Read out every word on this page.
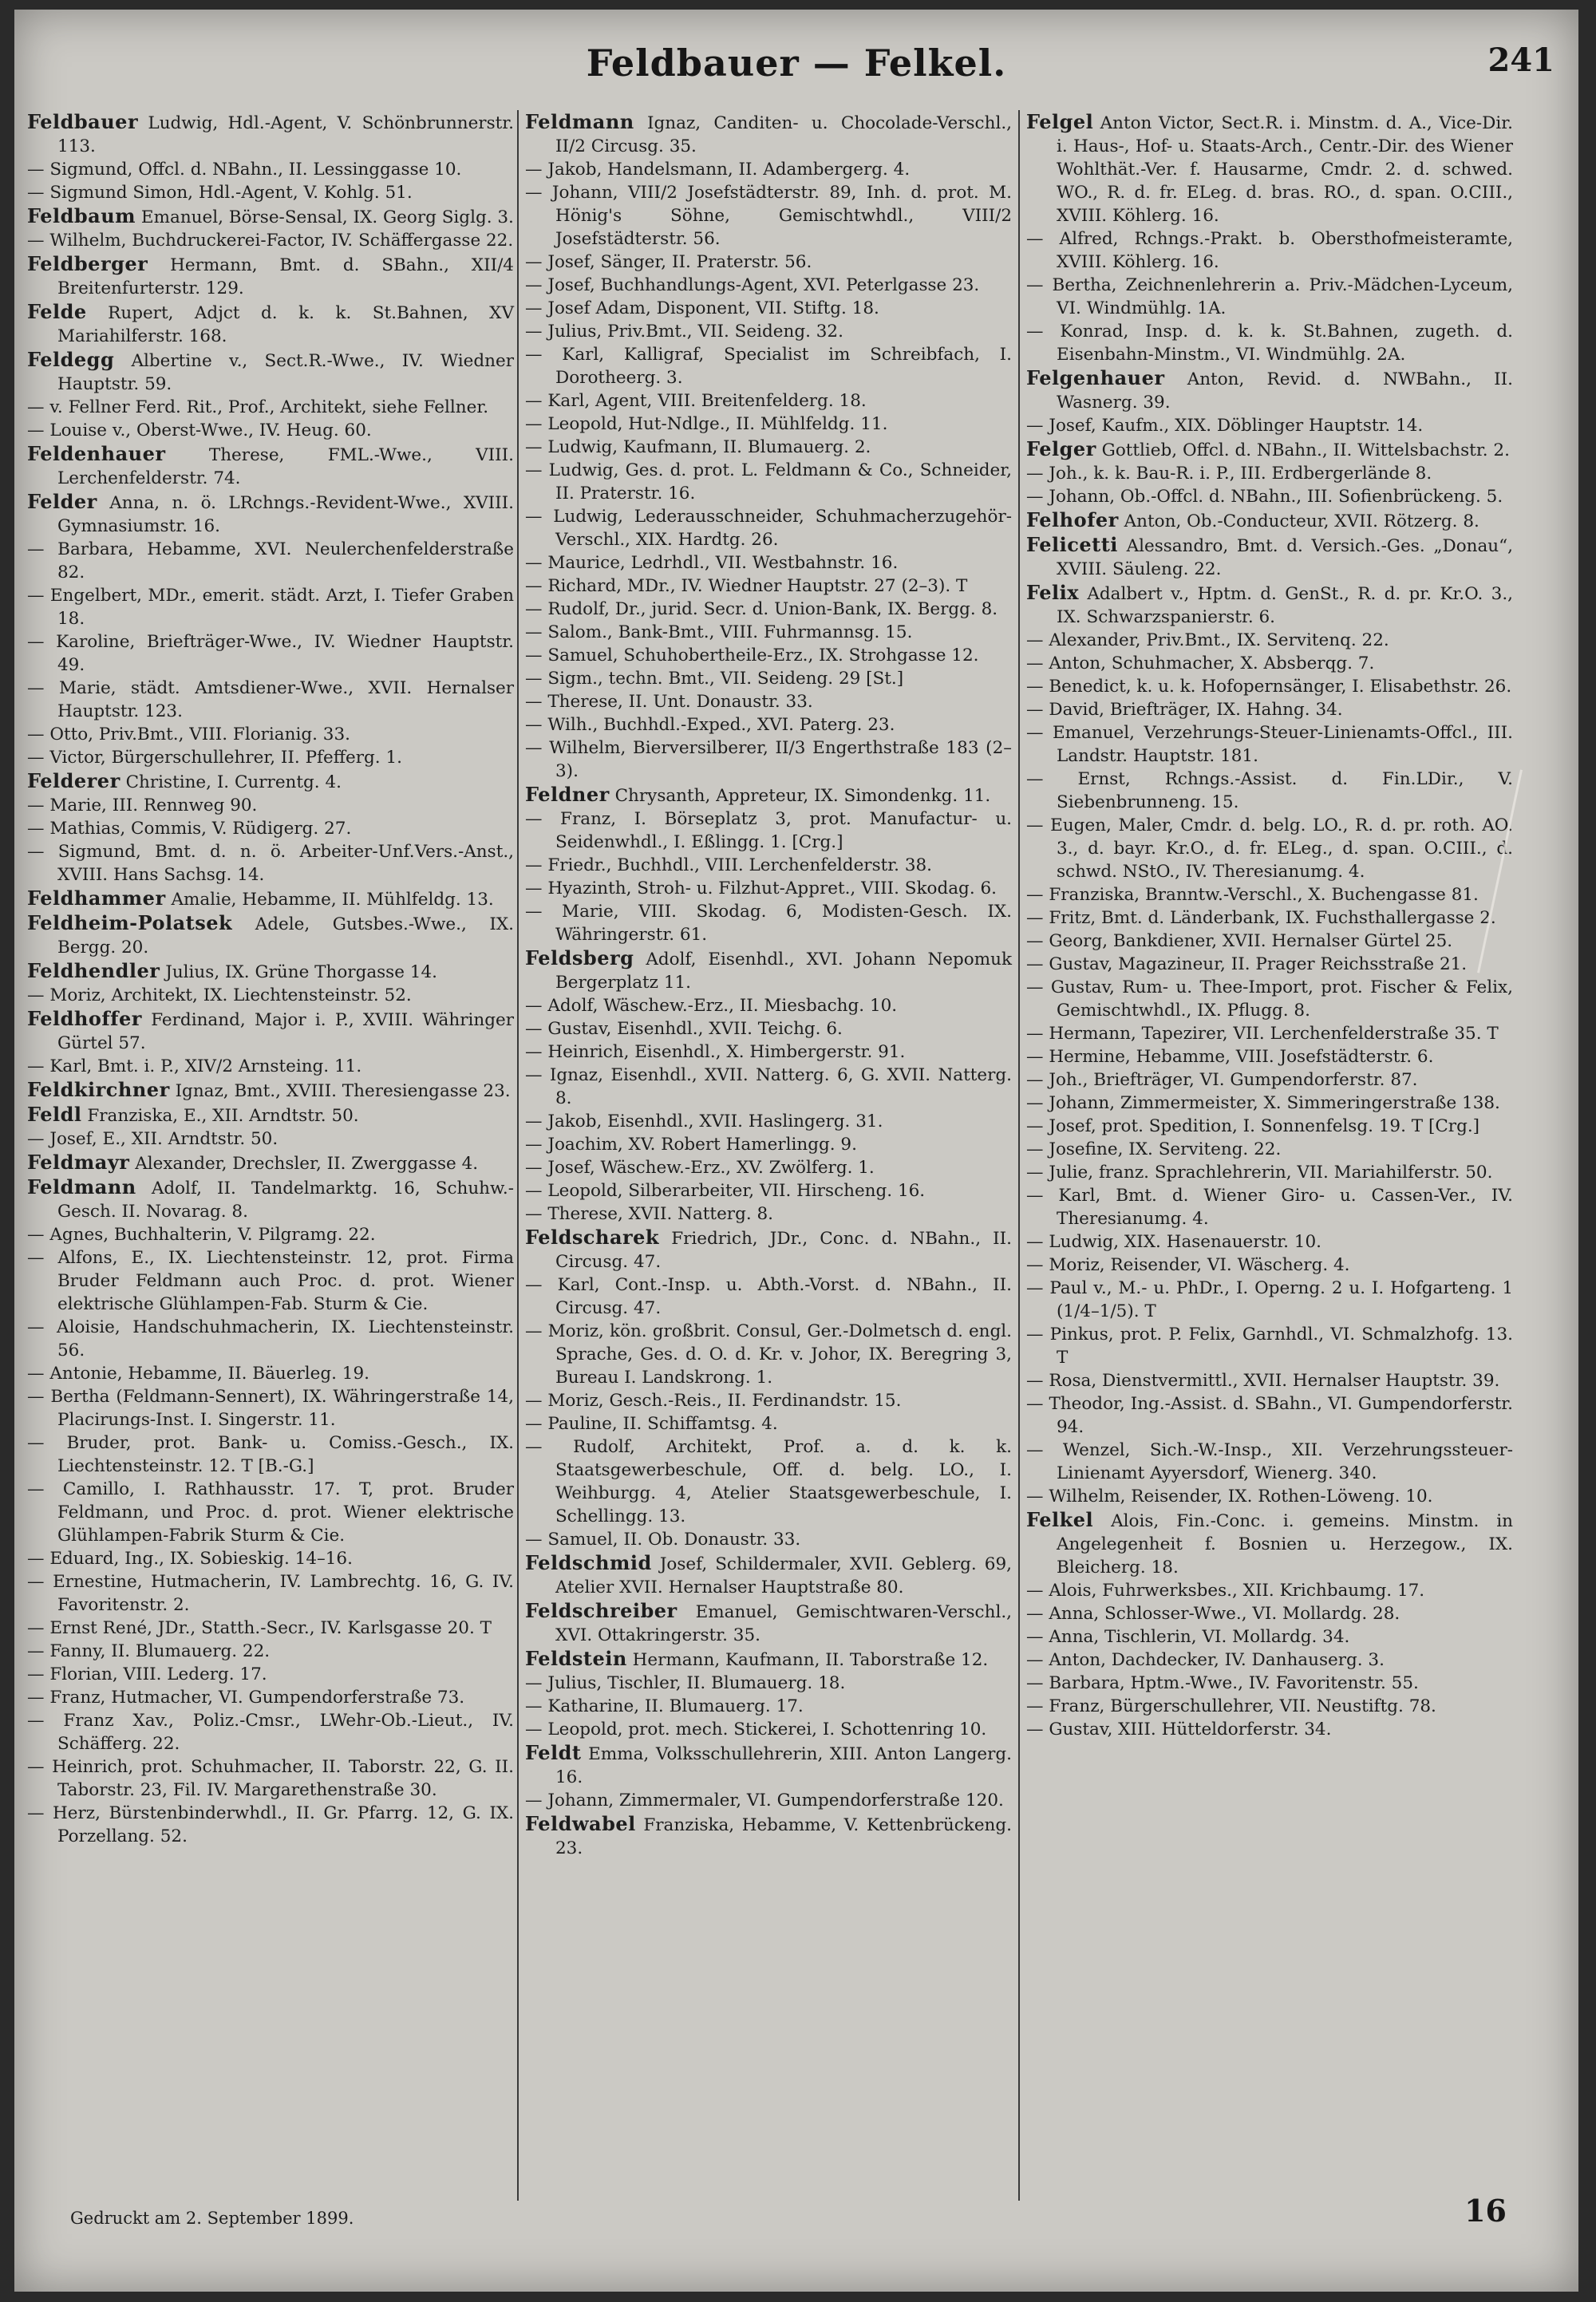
Feldbauer — Felkel.	241

Feldbauer Ludwig, Hdl.-Agent, V. Schönbrunnerstr. 113.

— Sigmund, Offcl. d. NBahn., II. Lessinggasse 10.

— Sigmund Simon, Hdl.-Agent, V. Kohlg. 51.

Feldbaum Emanuel, Börse-Sensal, IX. Georg Siglg. 3.

— Wilhelm, Buchdruckerei-Factor, IV. Schäffergasse 22.

Feldberger Hermann, Bmt. d. SBahn., XII/4 Breitenfurterstr. 129.

Felde Rupert, Adjct d. k. k. St.Bahnen, XV Mariahilferstr. 168.

Feldegg Albertine v., Sect.R.-Wwe., IV. Wiedner Hauptstr. 59.

— v. Fellner Ferd. Rit., Prof., Architekt, siehe Fellner.

— Louise v., Oberst-Wwe., IV. Heug. 60.

Feldenhauer	Therese, FML.-Wwe., VIII. Lerchenfelderstr. 74.

Felder Anna, n. ö. LRchngs.-Revident-Wwe., XVIII. Gymnasiumstr. 16.

— Barbara, Hebamme, XVI. Neulerchenfelderstraße 82.

— Engelbert, MDr., emerit. städt. Arzt, I. Tiefer Graben 18.

— Karoline, Briefträger-Wwe., IV. Wiedner Hauptstr. 49.

— Marie, städt. Amtsdiener-Wwe., XVII. Hernalser Hauptstr. 123.

— Otto, Priv.Bmt., VIII. Florianig. 33.

— Victor, Bürgerschullehrer, II. Pfefferg. 1.

Felderer Christine, I. Currentg. 4.

— Marie, III. Rennweg 90.

— Mathias, Commis, V. Rüdigerg. 27.

— Sigmund, Bmt. d. n. ö. Arbeiter-Unf.Vers.-Anst., XVIII. Hans Sachsg. 14.

Feldhammer Amalie, Hebamme, II. Mühlfeldg. 13.

Feldheim-Polatsek Adele, Gutsbes.-Wwe., IX. Bergg. 20.

Feldhendler Julius, IX. Grüne Thorgasse 14.

— Moriz, Architekt, IX. Liechtensteinstr. 52.

Feldhoffer Ferdinand, Major i. P., XVIII. Währinger Gürtel 57.

— Karl, Bmt. i. P., XIV/2 Arnsteing. 11.

Feldkirchner Ignaz, Bmt., XVIII. Theresiengasse 23.

Feldl Franziska, E., XII. Arndtstr. 50.

— Josef, E., XII. Arndtstr. 50.

Feldmayr Alexander, Drechsler, II. Zwerggasse 4.

Feldmann Adolf, II. Tandelmarktg. 16, Schuhw.-Gesch. II. Novarag. 8.

— Agnes, Buchhalterin, V. Pilgramg. 22.

— Alfons, E., IX. Liechtensteinstr. 12, prot. Firma Bruder Feldmann auch Proc. d. prot. Wiener elektrische Glühlampen-Fab. Sturm & Cie.

— Aloisie, Handschuhmacherin, IX. Liechtensteinstr. 56.

— Antonie, Hebamme, II. Bäuerleg. 19.

— Bertha (Feldmann-Sennert), IX. Währingerstraße 14, Placirungs-Inst. I. Singerstr. 11.

— Bruder, prot. Bank- u. Comiss.-Gesch., IX. Liechtensteinstr. 12. T [B.-G.]

— Camillo, I. Rathhausstr. 17. T, prot. Bruder Feldmann, und Proc. d. prot. Wiener elektrische Glühlampen-Fabrik Sturm & Cie.

— Eduard, Ing., IX. Sobieskig. 14–16.

— Ernestine, Hutmacherin, IV. Lambrechtg. 16, G. IV. Favoritenstr. 2.

— Ernst René, JDr., Statth.-Secr., IV. Karlsgasse 20. T

— Fanny, II. Blumauerg. 22.

— Florian, VIII. Lederg. 17.

— Franz, Hutmacher, VI. Gumpendorferstraße 73.

— Franz Xav., Poliz.-Cmsr., LWehr-Ob.-Lieut., IV. Schäfferg. 22.

— Heinrich, prot. Schuhmacher, II. Taborstr. 22, G. II. Taborstr. 23, Fil. IV. Margarethenstraße 30.

— Herz, Bürstenbinderwhdl., II. Gr. Pfarrg. 12, G. IX. Porzellang. 52.

Feldmann Ignaz, Canditen- u. Chocolade-Verschl., II/2 Circusg. 35.

— Jakob, Handelsmann, II. Adambergerg. 4.

— Johann, VIII/2 Josefstädterstr. 89, Inh. d. prot. M. Hönig's Söhne, Gemischtwhdl., VIII/2 Josefstädterstr. 56.

— Josef, Sänger, II. Praterstr. 56.

— Josef, Buchhandlungs-Agent, XVI. Peterlgasse 23.

— Josef Adam, Disponent, VII. Stiftg. 18.

— Julius, Priv.Bmt., VII. Seideng. 32.

— Karl, Kalligraf, Specialist im Schreibfach, I. Dorotheerg. 3.

— Karl, Agent, VIII. Breitenfelderg. 18.

— Leopold, Hut-Ndlge., II. Mühlfeldg. 11.

— Ludwig, Kaufmann, II. Blumauerg. 2.

— Ludwig, Ges. d. prot. L. Feldmann & Co., Schneider, II. Praterstr. 16.

— Ludwig, Lederausschneider, Schuhmacherzugehör-Verschl., XIX. Hardtg. 26.

— Maurice, Ledrhdl., VII. Westbahnstr. 16.

— Richard, MDr., IV. Wiedner Hauptstr. 27 (2–3). T

— Rudolf, Dr., jurid. Secr. d. Union-Bank, IX. Bergg. 8.

— Salom., Bank-Bmt., VIII. Fuhrmannsg. 15.

— Samuel, Schuhobertheile-Erz., IX. Strohgasse 12.

— Sigm., techn. Bmt., VII. Seideng. 29 [St.]

— Therese, II. Unt. Donaustr. 33.

— Wilh., Buchhdl.-Exped., XVI. Paterg. 23.

— Wilhelm, Bierversilberer, II/3 Engerthstraße 183 (2–3).

Feldner Chrysanth, Appreteur, IX. Simondenkg. 11.

— Franz, I. Börseplatz 3, prot. Manufactur- u. Seidenwhdl., I. Eßlingg. 1. [Crg.]

— Friedr., Buchhdl., VIII. Lerchenfelderstr. 38.

— Hyazinth, Stroh- u. Filzhut-Appret., VIII. Skodag. 6.

— Marie, VIII. Skodag. 6, Modisten-Gesch. IX. Währingerstr. 61.

Feldsberg Adolf, Eisenhdl., XVI. Johann Nepomuk Bergerplatz 11.

— Adolf, Wäschew.-Erz., II. Miesbachg. 10.

— Gustav, Eisenhdl., XVII. Teichg. 6.

— Heinrich, Eisenhdl., X. Himbergerstr. 91.

— Ignaz, Eisenhdl., XVII. Natterg. 6, G. XVII. Natterg. 8.

— Jakob, Eisenhdl., XVII. Haslingerg. 31.

— Joachim, XV. Robert Hamerlingg. 9.

— Josef, Wäschew.-Erz., XV. Zwölferg. 1.

— Leopold, Silberarbeiter, VII. Hirscheng. 16.

— Therese, XVII. Natterg. 8.

Feldscharek Friedrich, JDr., Conc. d. NBahn., II. Circusg. 47.

— Karl, Cont.-Insp. u. Abth.-Vorst. d. NBahn., II. Circusg. 47.

— Moriz, kön. großbrit. Consul, Ger.-Dolmetsch d. engl. Sprache, Ges. d. O. d. Kr. v. Johor, IX. Beregring 3, Bureau I. Landskrong. 1.

— Moriz, Gesch.-Reis., II. Ferdinandstr. 15.

— Pauline, II. Schiffamtsg. 4.

— Rudolf, Architekt, Prof. a. d. k. k. Staatsgewerbeschule, Off. d. belg. LO., I. Weihburgg. 4, Atelier Staatsgewerbeschule, I. Schellingg. 13.

— Samuel, II. Ob. Donaustr. 33.

Feldschmid Josef, Schildermaler, XVII. Geblerg. 69, Atelier XVII. Hernalser Hauptstraße 80.

Feldschreiber Emanuel, Gemischtwaren-Verschl., XVI. Ottakringerstr. 35.

Feldstein Hermann, Kaufmann, II. Taborstraße 12.

— Julius, Tischler, II. Blumauerg. 18.

— Katharine, II. Blumauerg. 17.

— Leopold, prot. mech. Stickerei, I. Schottenring 10.

Feldt Emma, Volksschullehrerin, XIII. Anton Langerg. 16.

— Johann, Zimmermaler, VI. Gumpendorferstraße 120.

Feldwabel Franziska, Hebamme, V. Kettenbrückeng. 23.

Felgel Anton Victor, Sect.R. i. Minstm. d. A., Vice-Dir. i. Haus-, Hof- u. Staats-Arch., Centr.-Dir. des Wiener Wohlthät.-Ver. f. Hausarme, Cmdr. 2. d. schwed. WO., R. d. fr. ELeg. d. bras. RO., d. span. O.CIII., XVIII. Köhlerg. 16.

— Alfred, Rchngs.-Prakt. b. Obersthofmeisteramte, XVIII. Köhlerg. 16.

— Bertha, Zeichnenlehrerin a. Priv.-Mädchen-Lyceum, VI. Windmühlg. 1A.

— Konrad, Insp. d. k. k. St.Bahnen, zugeth. d. Eisenbahn-Minstm., VI. Windmühlg. 2A.

Felgenhauer Anton, Revid. d. NWBahn., II. Wasnerg. 39.

— Josef, Kaufm., XIX. Döblinger Hauptstr. 14.

Felger Gottlieb, Offcl. d. NBahn., II. Wittelsbachstr. 2.

— Joh., k. k. Bau-R. i. P., III. Erdbergerlände 8.

— Johann, Ob.-Offcl. d. NBahn., III. Sofienbrückeng. 5.

Felhofer Anton, Ob.-Conducteur, XVII. Rötzerg. 8.

Felicetti Alessandro, Bmt. d. Versich.-Ges. „Donau“, XVIII. Säuleng. 22.

Felix Adalbert v., Hptm. d. GenSt., R. d. pr. Kr.O. 3., IX. Schwarzspanierstr. 6.

— Alexander, Priv.Bmt., IX. Servitenq. 22.

— Anton, Schuhmacher, X. Absberqg. 7.

— Benedict, k. u. k. Hofopernsänger, I. Elisabethstr. 26.

— David, Briefträger, IX. Hahng. 34.

— Emanuel, Verzehrungs-Steuer-Linienamts-Offcl., III. Landstr. Hauptstr. 181.

— Ernst, Rchngs.-Assist. d. Fin.LDir., V. Siebenbrunneng. 15.

— Eugen, Maler, Cmdr. d. belg. LO., R. d. pr. roth. AO. 3., d. bayr. Kr.O., d. fr. ELeg., d. span. O.CIII., d. schwd. NStO., IV. Theresianumg. 4.

— Franziska, Branntw.-Verschl., X. Buchengasse 81.

— Fritz, Bmt. d. Länderbank, IX. Fuchsthallergasse 2.

— Georg, Bankdiener, XVII. Hernalser Gürtel 25.

— Gustav, Magazineur, II. Prager Reichsstraße 21.

— Gustav, Rum- u. Thee-Import, prot. Fischer & Felix, Gemischtwhdl., IX. Pflugg. 8.

— Hermann, Tapezirer, VII. Lerchenfelderstraße 35. T

— Hermine, Hebamme, VIII. Josefstädterstr. 6.

— Joh., Briefträger, VI. Gumpendorferstr. 87.

— Johann, Zimmermeister, X. Simmeringerstraße 138.

— Josef, prot. Spedition, I. Sonnenfelsg. 19. T [Crg.]

— Josefine, IX. Serviteng. 22.

— Julie, franz. Sprachlehrerin, VII. Mariahilferstr. 50.

— Karl, Bmt. d. Wiener Giro- u. Cassen-Ver., IV. Theresianumg. 4.

— Ludwig, XIX. Hasenauerstr. 10.

— Moriz, Reisender, VI. Wäscherg. 4.

— Paul v., M.- u. PhDr., I. Operng. 2 u. I. Hofgarteng. 1 (1/4–1/5). T

— Pinkus, prot. P. Felix, Garnhdl., VI. Schmalzhofg. 13. T

— Rosa, Dienstvermittl., XVII. Hernalser Hauptstr. 39.

— Theodor, Ing.-Assist. d. SBahn., VI. Gumpendorferstr. 94.

— Wenzel, Sich.-W.-Insp., XII. Verzehrungssteuer-Linienamt Ayyersdorf, Wienerg. 340.

— Wilhelm, Reisender, IX. Rothen-Löweng. 10.

Felkel Alois, Fin.-Conc. i. gemeins. Minstm. in Angelegenheit f. Bosnien u. Herzegow., IX. Bleicherg. 18.

— Alois, Fuhrwerksbes., XII. Krichbaumg. 17.

— Anna, Schlosser-Wwe., VI. Mollardg. 28.

— Anna, Tischlerin, VI. Mollardg. 34.

— Anton, Dachdecker, IV. Danhauserg. 3.

— Barbara, Hptm.-Wwe., IV. Favoritenstr. 55.

— Franz, Bürgerschullehrer, VII. Neustiftg. 78.

— Gustav, XIII. Hütteldorferstr. 34.

Gedruckt am 2. September 1899.	16
